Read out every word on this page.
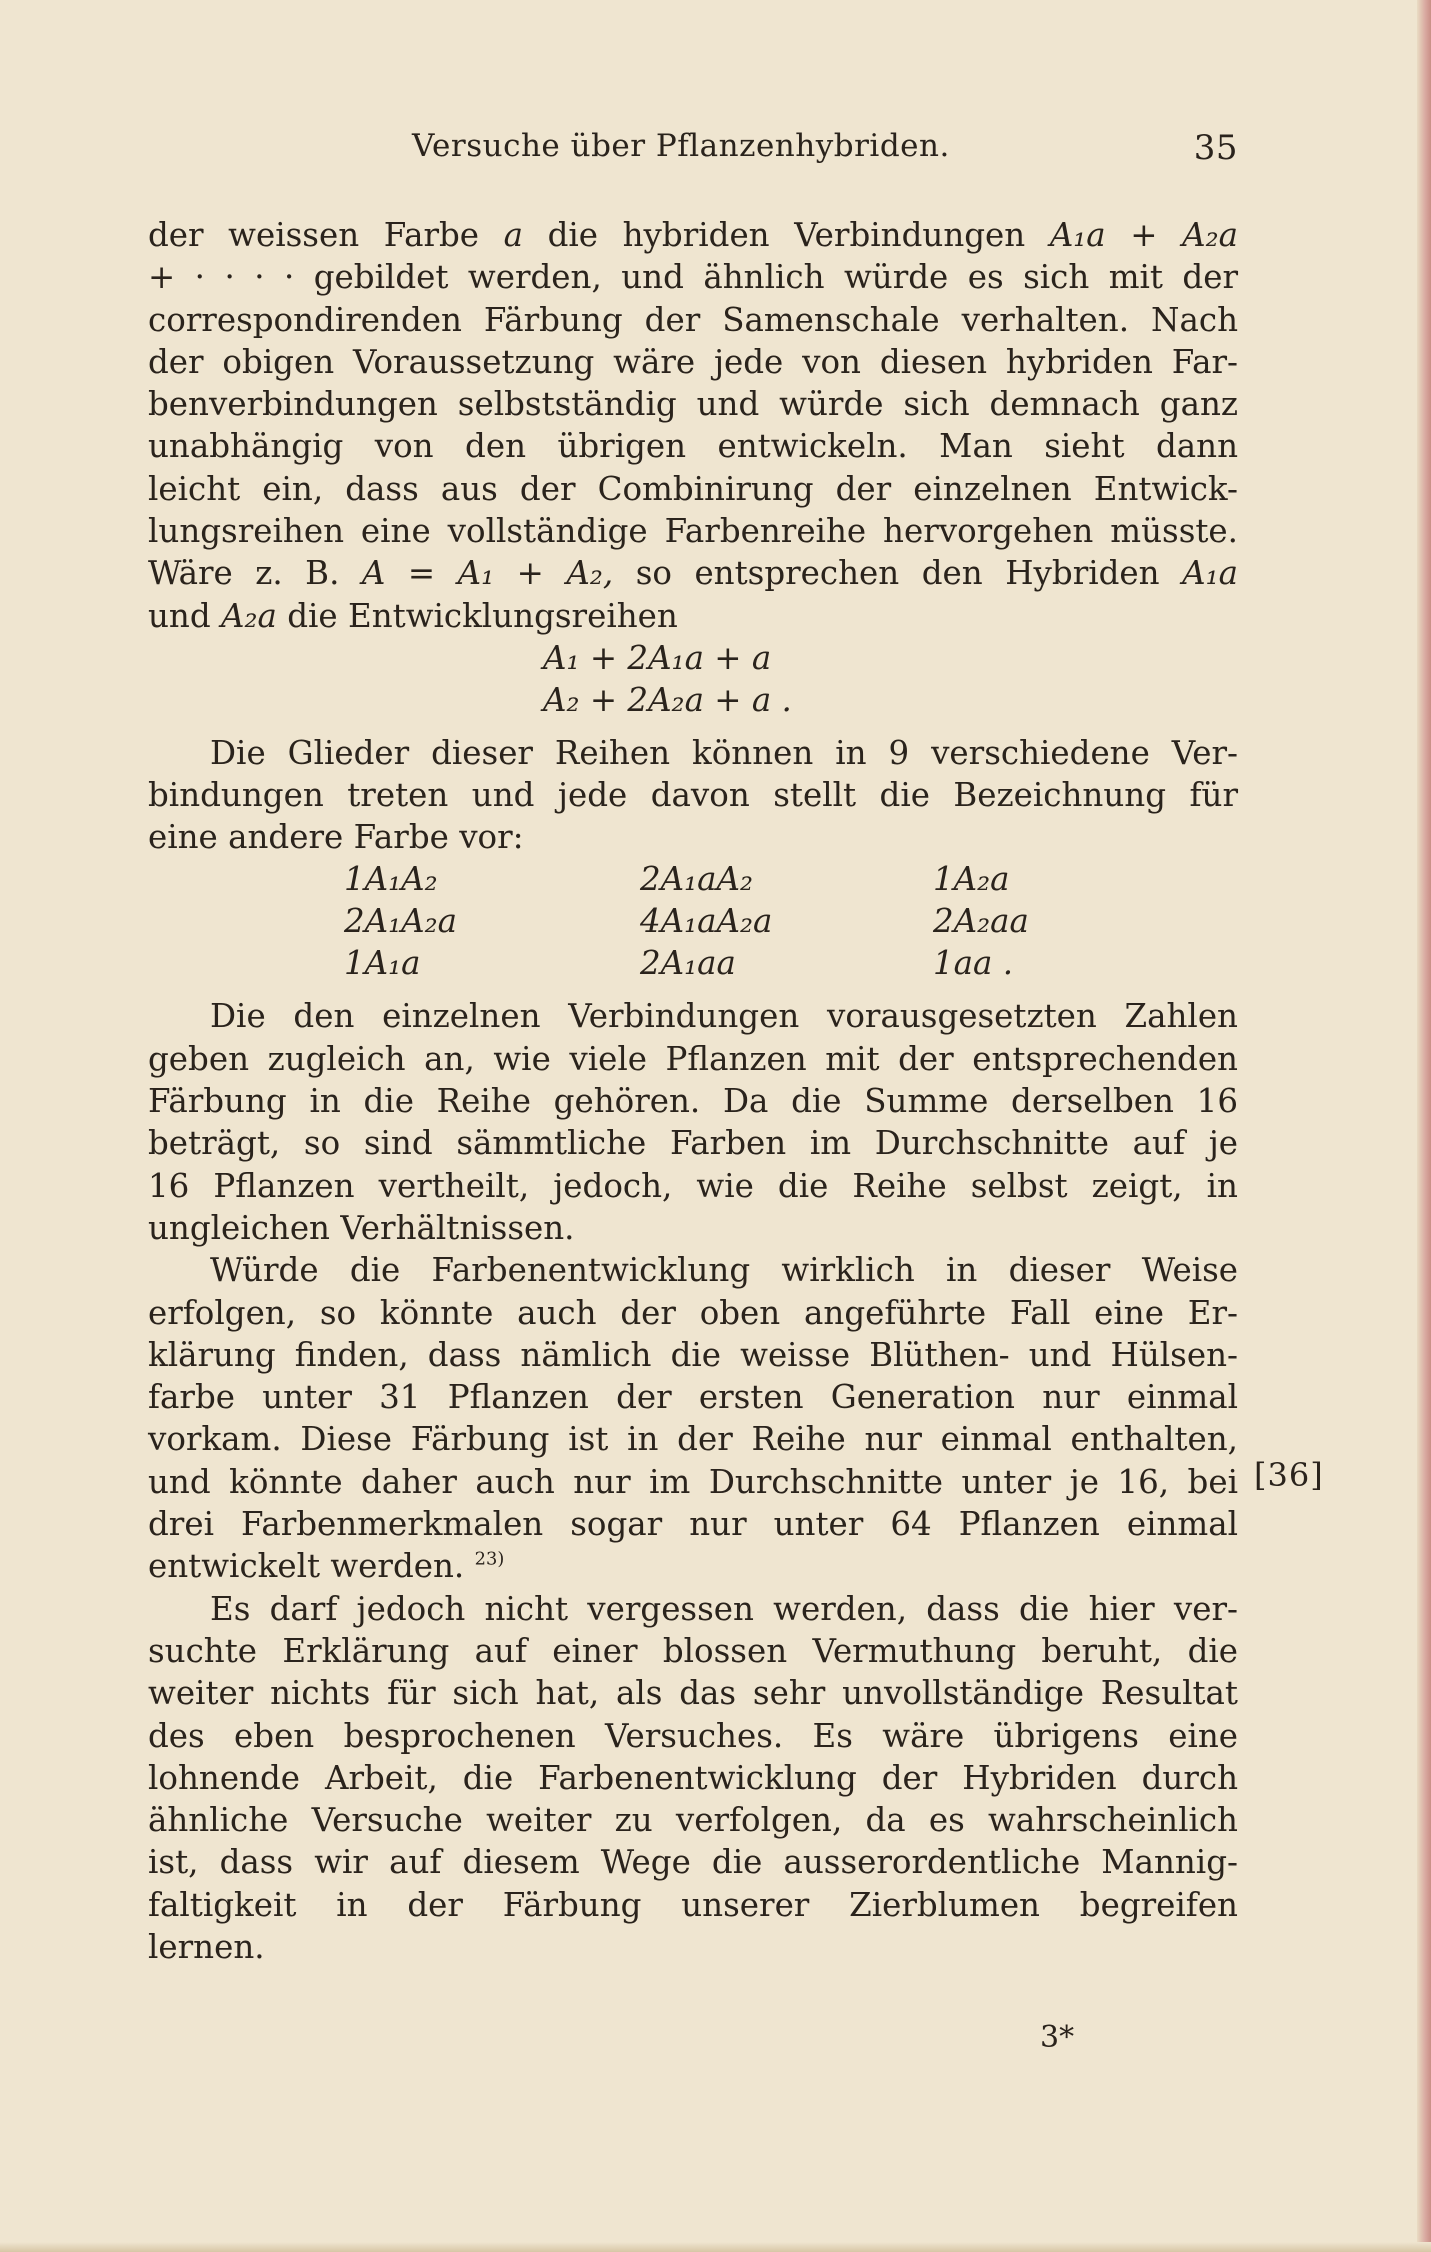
Versuche über Pflanzenhybriden.	35
der weissen Farbe a die hybriden Verbindungen A₁a + A₂a
+ · · · · gebildet werden, und ähnlich würde es sich mit der
correspondirenden Färbung der Samenschale verhalten. Nach
der obigen Voraussetzung wäre jede von diesen hybriden Far-
benverbindungen selbstständig und würde sich demnach ganz
unabhängig von den übrigen entwickeln. Man sieht dann
leicht ein, dass aus der Combinirung der einzelnen Entwick-
lungsreihen eine vollständige Farbenreihe hervorgehen müsste.
Wäre z. B. A = A₁ + A₂, so entsprechen den Hybriden A₁a
und A₂a die Entwicklungsreihen
A₁ + 2A₁a + a
A₂ + 2A₂a + a .
Die Glieder dieser Reihen können in 9 verschiedene Ver-
bindungen treten und jede davon stellt die Bezeichnung für
eine andere Farbe vor:
1A₁A₂	2A₁aA₂	1A₂a
2A₁A₂a	4A₁aA₂a	2A₂aa
1A₁a	2A₁aa	1aa .
Die den einzelnen Verbindungen vorausgesetzten Zahlen
geben zugleich an, wie viele Pflanzen mit der entsprechenden
Färbung in die Reihe gehören. Da die Summe derselben 16
beträgt, so sind sämmtliche Farben im Durchschnitte auf je
16 Pflanzen vertheilt, jedoch, wie die Reihe selbst zeigt, in
ungleichen Verhältnissen.
Würde die Farbenentwicklung wirklich in dieser Weise
erfolgen, so könnte auch der oben angeführte Fall eine Er-
klärung finden, dass nämlich die weisse Blüthen- und Hülsen-
farbe unter 31 Pflanzen der ersten Generation nur einmal
vorkam. Diese Färbung ist in der Reihe nur einmal enthalten,
und könnte daher auch nur im Durchschnitte unter je 16, bei
drei Farbenmerkmalen sogar nur unter 64 Pflanzen einmal
entwickelt werden. $^{23)}$
Es darf jedoch nicht vergessen werden, dass die hier ver-
suchte Erklärung auf einer blossen Vermuthung beruht, die
weiter nichts für sich hat, als das sehr unvollständige Resultat
des eben besprochenen Versuches. Es wäre übrigens eine
lohnende Arbeit, die Farbenentwicklung der Hybriden durch
ähnliche Versuche weiter zu verfolgen, da es wahrscheinlich
ist, dass wir auf diesem Wege die ausserordentliche Mannig-
faltigkeit in der Färbung unserer Zierblumen begreifen
lernen.
[36]
3*
